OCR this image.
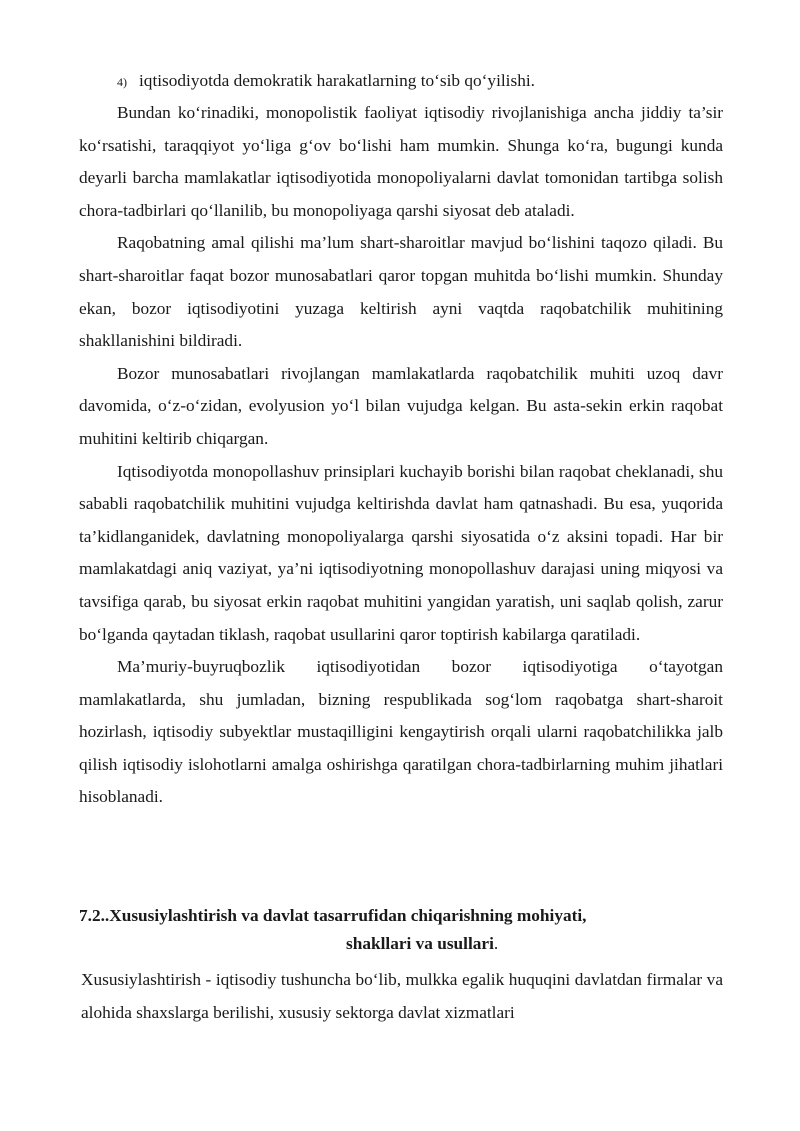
4) iqtisodiyotda demokratik harakatlarning to‘sib qo‘yilishi.

Bundan ko‘rinadiki, monopolistik faoliyat iqtisodiy rivojlanishiga ancha jiddiy ta’sir ko‘rsatishi, taraqqiyot yo‘liga g‘ov bo‘lishi ham mumkin. Shunga ko‘ra, bugungi kunda deyarli barcha mamlakatlar iqtisodiyotida monopoliyalarni davlat tomonidan tartibga solish chora-tadbirlari qo‘llanilib, bu monopoliyaga qarshi siyosat deb ataladi.

Raqobatning amal qilishi ma’lum shart-sharoitlar mavjud bo‘lishini taqozo qiladi. Bu shart-sharoitlar faqat bozor munosabatlari qaror topgan muhitda bo‘lishi mumkin. Shunday ekan, bozor iqtisodiyotini yuzaga keltirish ayni vaqtda raqobatchilik muhitining shakllanishini bildiradi.

Bozor munosabatlari rivojlangan mamlakatlarda raqobatchilik muhiti uzoq davr davomida, o‘z-o‘zidan, evolyusion yo‘l bilan vujudga kelgan. Bu asta-sekin erkin raqobat muhitini keltirib chiqargan.

Iqtisodiyotda monopollashuv prinsiplari kuchayib borishi bilan raqobat cheklanadi, shu sababli raqobatchilik muhitini vujudga keltirishda davlat ham qatnashadi. Bu esa, yuqorida ta’kidlanganidek, davlatning monopoliyalarga qarshi siyosatida o‘z aksini topadi. Har bir mamlakatdagi aniq vaziyat, ya’ni iqtisodiyotning monopollashuv darajasi uning miqyosi va tavsifiga qarab, bu siyosat erkin raqobat muhitini yangidan yaratish, uni saqlab qolish, zarur bo‘lganda qaytadan tiklash, raqobat usullarini qaror toptirish kabilarga qaratiladi.

Ma’muriy-buyruqbozlik iqtisodiyotidan bozor iqtisodiyotiga o‘tayotgan mamlakatlarda, shu jumladan, bizning respublikada sog‘lom raqobatga shart-sharoit hozirlash, iqtisodiy subyektlar mustaqilligini kengaytirish orqali ularni raqobatchilikka jalb qilish iqtisodiy islohotlarni amalga oshirishga qaratilgan chora-tadbirlarning muhim jihatlari hisoblanadi.

7.2..Xususiylashtirish va davlat tasarrufidan chiqarishning mohiyati,
shakllari va usullari.

Xususiylashtirish - iqtisodiy tushuncha bo‘lib, mulkka egalik huquqini davlatdan firmalar va alohida shaxslarga berilishi, xususiy sektorga davlat xizmatlari
